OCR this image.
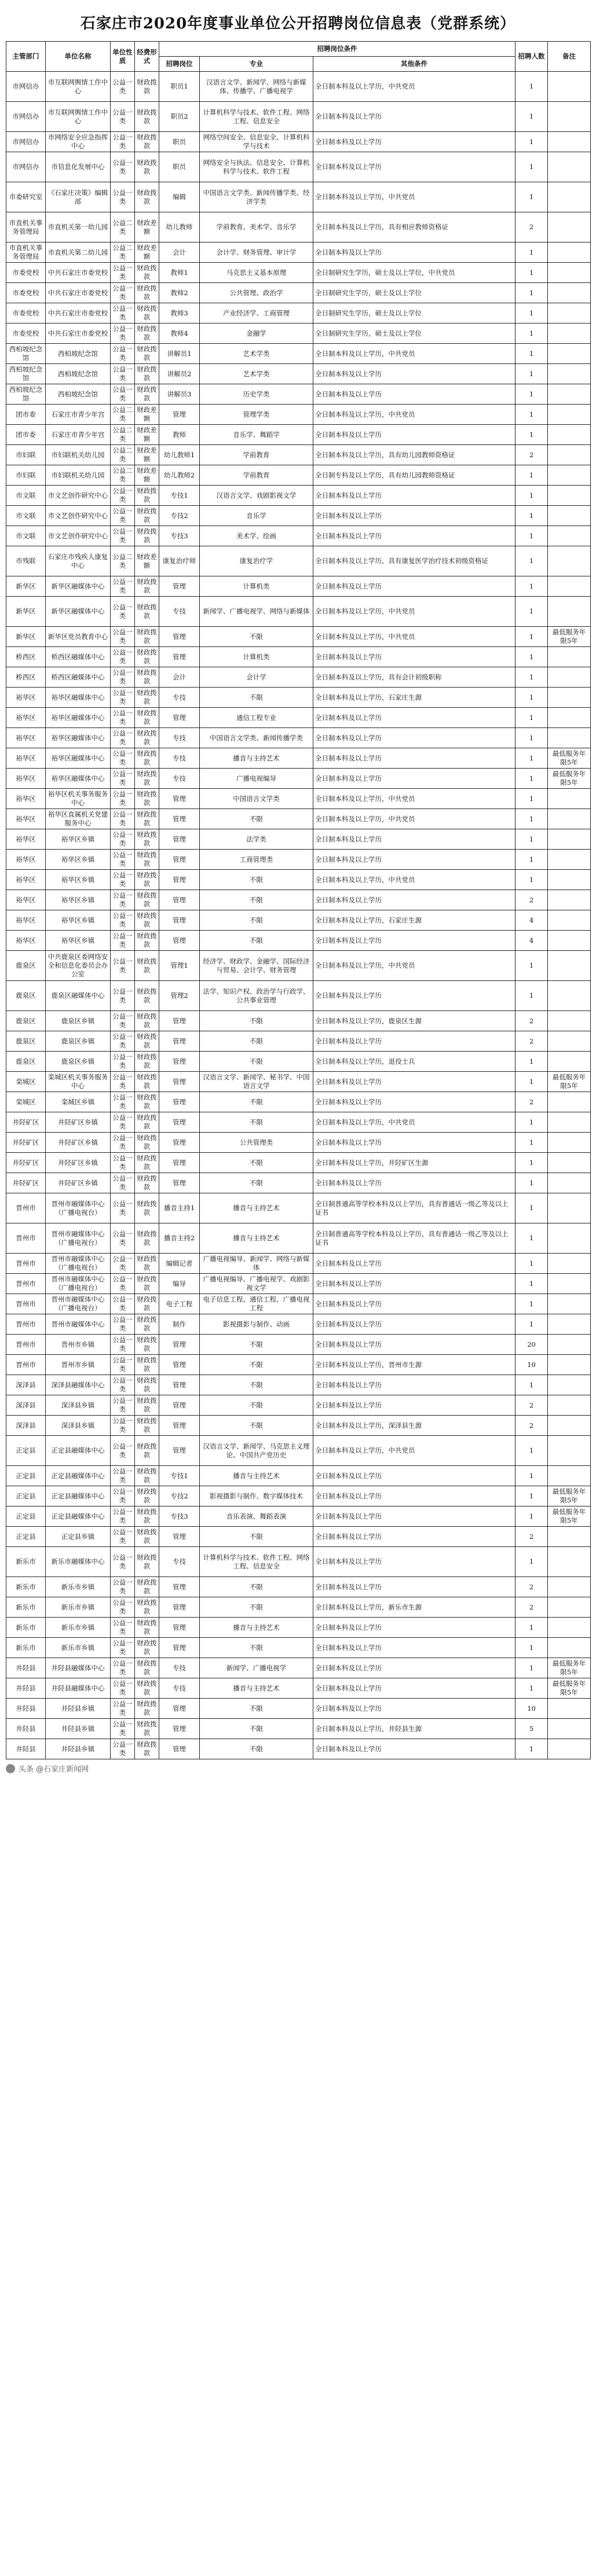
石家庄市2020年度事业单位公开招聘岗位信息表（党群系统）
主管部门	单位名称	单位性质	经费形式	招聘岗位条件			招聘人数	备注
				招聘岗位	专业	其他条件		
市网信办	市互联网舆情工作中心	公益一类	财政拨款	职员1	汉语言文学、新闻学、网络与新媒体、传播学、广播电视学	全日制本科及以上学历，中共党员	1	
市网信办	市互联网舆情工作中心	公益一类	财政拨款	职员2	计算机科学与技术、软件工程、网络工程、信息安全	全日制本科及以上学历	1	
市网信办	市网络安全应急指挥中心	公益一类	财政拨款	职员	网络空间安全、信息安全、计算机科学与技术	全日制本科及以上学历	1	
市网信办	市信息化发展中心	公益一类	财政拨款	职员	网络安全与执法、信息安全、计算机科学与技术、软件工程	全日制本科及以上学历	1	
市委研究室	《石家庄决策》编辑部	公益一类	财政拨款	编辑	中国语言文学类、新闻传播学类、经济学类	全日制本科及以上学历，中共党员	1	
市直机关事务管理局	市直机关第一幼儿园	公益二类	财政差额	幼儿教师	学前教育、美术学、音乐学	全日制本科及以上学历，具有相应教师资格证	2	
市直机关事务管理局	市直机关第二幼儿园	公益二类	财政差额	会计	会计学、财务管理、审计学	全日制本科及以上学历	1	
市委党校	中共石家庄市委党校	公益一类	财政拨款	教师1	马克思主义基本原理	全日制研究生学历，硕士及以上学位，中共党员	1	
市委党校	中共石家庄市委党校	公益一类	财政拨款	教师2	公共管理、政治学	全日制研究生学历，硕士及以上学位	1	
市委党校	中共石家庄市委党校	公益一类	财政拨款	教师3	产业经济学、工商管理	全日制研究生学历，硕士及以上学位	1	
市委党校	中共石家庄市委党校	公益一类	财政拨款	教师4	金融学	全日制研究生学历，硕士及以上学位	1	
西柏坡纪念馆	西柏坡纪念馆	公益一类	财政拨款	讲解员1	艺术学类	全日制本科及以上学历，中共党员	1	
西柏坡纪念馆	西柏坡纪念馆	公益一类	财政拨款	讲解员2	艺术学类	全日制本科及以上学历	1	
西柏坡纪念馆	西柏坡纪念馆	公益一类	财政拨款	讲解员3	历史学类	全日制本科及以上学历	1	
团市委	石家庄市青少年宫	公益二类	财政差额	管理	管理学类	全日制本科及以上学历，中共党员	1	
团市委	石家庄市青少年宫	公益二类	财政差额	教师	音乐学、舞蹈学	全日制本科及以上学历	1	
市妇联	市妇联机关幼儿园	公益二类	财政差额	幼儿教师1	学前教育	全日制本科及以上学历，具有幼儿园教师资格证	2	
市妇联	市妇联机关幼儿园	公益二类	财政差额	幼儿教师2	学前教育	全日制专科及以上学历，具有幼儿园教师资格证	1	
市文联	市文艺创作研究中心	公益一类	财政拨款	专技1	汉语言文学、戏剧影视文学	全日制本科及以上学历	1	
市文联	市文艺创作研究中心	公益一类	财政拨款	专技2	音乐学	全日制本科及以上学历	1	
市文联	市文艺创作研究中心	公益一类	财政拨款	专技3	美术学、绘画	全日制本科及以上学历	1	
市残联	石家庄市残疾人康复中心	公益二类	财政差额	康复治疗师	康复治疗学	全日制本科及以上学历，具有康复医学治疗技术初级资格证	1	
新华区	新华区融媒体中心	公益一类	财政拨款	管理	计算机类	全日制本科及以上学历	1	
新华区	新华区融媒体中心	公益一类	财政拨款	专技	新闻学、广播电视学、网络与新媒体	全日制本科及以上学历，中共党员	1	
新华区	新华区党员教育中心	公益一类	财政拨款	管理	不限	全日制本科及以上学历，中共党员	1	最低服务年限5年
桥西区	桥西区融媒体中心	公益一类	财政拨款	管理	计算机类	全日制本科及以上学历	1	
桥西区	桥西区融媒体中心	公益一类	财政拨款	会计	会计学	全日制本科及以上学历，具有会计初级职称	1	
裕华区	裕华区融媒体中心	公益一类	财政拨款	专技	不限	全日制本科及以上学历，石家庄生源	1	
裕华区	裕华区融媒体中心	公益一类	财政拨款	管理	通信工程专业	全日制本科及以上学历	1	
裕华区	裕华区融媒体中心	公益一类	财政拨款	专技	中国语言文学类、新闻传播学类	全日制本科及以上学历	1	
裕华区	裕华区融媒体中心	公益一类	财政拨款	专技	播音与主持艺术	全日制本科及以上学历	1	最低服务年限5年
裕华区	裕华区融媒体中心	公益一类	财政拨款	专技	广播电视编导	全日制本科及以上学历	1	最低服务年限5年
裕华区	裕华区机关事务服务中心	公益一类	财政拨款	管理	中国语言文学类	全日制本科及以上学历，中共党员	1	
裕华区	裕华区直属机关党建服务中心	公益一类	财政拨款	管理	不限	全日制本科及以上学历，中共党员	1	
裕华区	裕华区乡镇	公益一类	财政拨款	管理	法学类	全日制本科及以上学历	1	
裕华区	裕华区乡镇	公益一类	财政拨款	管理	工商管理类	全日制本科及以上学历	1	
裕华区	裕华区乡镇	公益一类	财政拨款	管理	不限	全日制本科及以上学历，中共党员	1	
裕华区	裕华区乡镇	公益一类	财政拨款	管理	不限	全日制本科及以上学历	2	
裕华区	裕华区乡镇	公益一类	财政拨款	管理	不限	全日制本科及以上学历，石家庄生源	4	
裕华区	裕华区乡镇	公益一类	财政拨款	管理	不限	全日制本科及以上学历	4	
鹿泉区	中共鹿泉区委网络安全和信息化委员会办公室	公益一类	财政拨款	管理1	经济学、财政学、金融学、国际经济与贸易、会计学、财务管理	全日制本科及以上学历，中共党员	1	
鹿泉区	鹿泉区融媒体中心	公益一类	财政拨款	管理2	法学、知识产权、政治学与行政学、公共事业管理	全日制本科及以上学历	1	
鹿泉区	鹿泉区乡镇	公益一类	财政拨款	管理	不限	全日制本科及以上学历，鹿泉区生源	2	
鹿泉区	鹿泉区乡镇	公益一类	财政拨款	管理	不限	全日制本科及以上学历	2	
鹿泉区	鹿泉区乡镇	公益一类	财政拨款	管理	不限	全日制本科及以上学历，退役士兵	1	
栾城区	栾城区机关事务服务中心	公益一类	财政拨款	管理	汉语言文学、新闻学、秘书学、中国语言文学	全日制本科及以上学历	1	最低服务年限5年
栾城区	栾城区乡镇	公益一类	财政拨款	管理	不限	全日制本科及以上学历	2	
井陉矿区	井陉矿区乡镇	公益一类	财政拨款	管理	不限	全日制本科及以上学历，中共党员	1	
井陉矿区	井陉矿区乡镇	公益一类	财政拨款	管理	公共管理类	全日制本科及以上学历	1	
井陉矿区	井陉矿区乡镇	公益一类	财政拨款	管理	不限	全日制本科及以上学历，井陉矿区生源	1	
井陉矿区	井陉矿区乡镇	公益一类	财政拨款	管理	不限	全日制本科及以上学历	1	
晋州市	晋州市融媒体中心（广播电视台）	公益一类	财政拨款	播音主持1	播音与主持艺术	全日制普通高等学校本科及以上学历，具有普通话一级乙等及以上证书	1	
晋州市	晋州市融媒体中心（广播电视台）	公益一类	财政拨款	播音主持2	播音与主持艺术	全日制普通高等学校本科及以上学历，具有普通话一级乙等及以上证书	1	
晋州市	晋州市融媒体中心（广播电视台）	公益一类	财政拨款	编辑记者	广播电视编导、新闻学、网络与新媒体	全日制本科及以上学历	1	
晋州市	晋州市融媒体中心（广播电视台）	公益一类	财政拨款	编导	广播电视编导、广播电视学、戏剧影视文学	全日制本科及以上学历	1	
晋州市	晋州市融媒体中心（广播电视台）	公益一类	财政拨款	电子工程	电子信息工程、通信工程、广播电视工程	全日制本科及以上学历	1	
晋州市	晋州市融媒体中心	公益一类	财政拨款	制作	影视摄影与制作、动画	全日制本科及以上学历	1	
晋州市	晋州市乡镇	公益一类	财政拨款	管理	不限	全日制本科及以上学历	20	
晋州市	晋州市乡镇	公益一类	财政拨款	管理	不限	全日制本科及以上学历，晋州市生源	10	
深泽县	深泽县融媒体中心	公益一类	财政拨款	管理	不限	全日制本科及以上学历	1	
深泽县	深泽县乡镇	公益一类	财政拨款	管理	不限	全日制本科及以上学历	2	
深泽县	深泽县乡镇	公益一类	财政拨款	管理	不限	全日制本科及以上学历，深泽县生源	2	
正定县	正定县融媒体中心	公益一类	财政拨款	管理	汉语言文学、新闻学、马克思主义理论、中国共产党历史	全日制本科及以上学历，中共党员	1	
正定县	正定县融媒体中心	公益一类	财政拨款	专技1	播音与主持艺术	全日制本科及以上学历	1	
正定县	正定县融媒体中心	公益一类	财政拨款	专技2	影视摄影与制作、数字媒体技术	全日制本科及以上学历	1	最低服务年限5年
正定县	正定县融媒体中心	公益一类	财政拨款	专技3	音乐表演、舞蹈表演	全日制本科及以上学历	1	最低服务年限5年
正定县	正定县乡镇	公益一类	财政拨款	管理	不限	全日制本科及以上学历	2	
新乐市	新乐市融媒体中心	公益一类	财政拨款	专技	计算机科学与技术、软件工程、网络工程、信息安全	全日制本科及以上学历	1	
新乐市	新乐市乡镇	公益一类	财政拨款	管理	不限	全日制本科及以上学历	2	
新乐市	新乐市乡镇	公益一类	财政拨款	管理	不限	全日制本科及以上学历，新乐市生源	2	
新乐市	新乐市乡镇	公益一类	财政拨款	管理	播音与主持艺术	全日制本科及以上学历	1	
新乐市	新乐市乡镇	公益一类	财政拨款	管理	不限	全日制本科及以上学历	1	
井陉县	井陉县融媒体中心	公益一类	财政拨款	专技	新闻学、广播电视学	全日制本科及以上学历	1	最低服务年限5年
井陉县	井陉县融媒体中心	公益一类	财政拨款	专技	播音与主持艺术	全日制本科及以上学历	1	最低服务年限5年
井陉县	井陉县乡镇	公益一类	财政拨款	管理	不限	全日制本科及以上学历	10	
井陉县	井陉县乡镇	公益一类	财政拨款	管理	不限	全日制本科及以上学历，井陉县生源	5	
井陉县	井陉县乡镇	公益一类	财政拨款	管理	不限	全日制本科及以上学历	1	
头条 @石家庄新闻网
